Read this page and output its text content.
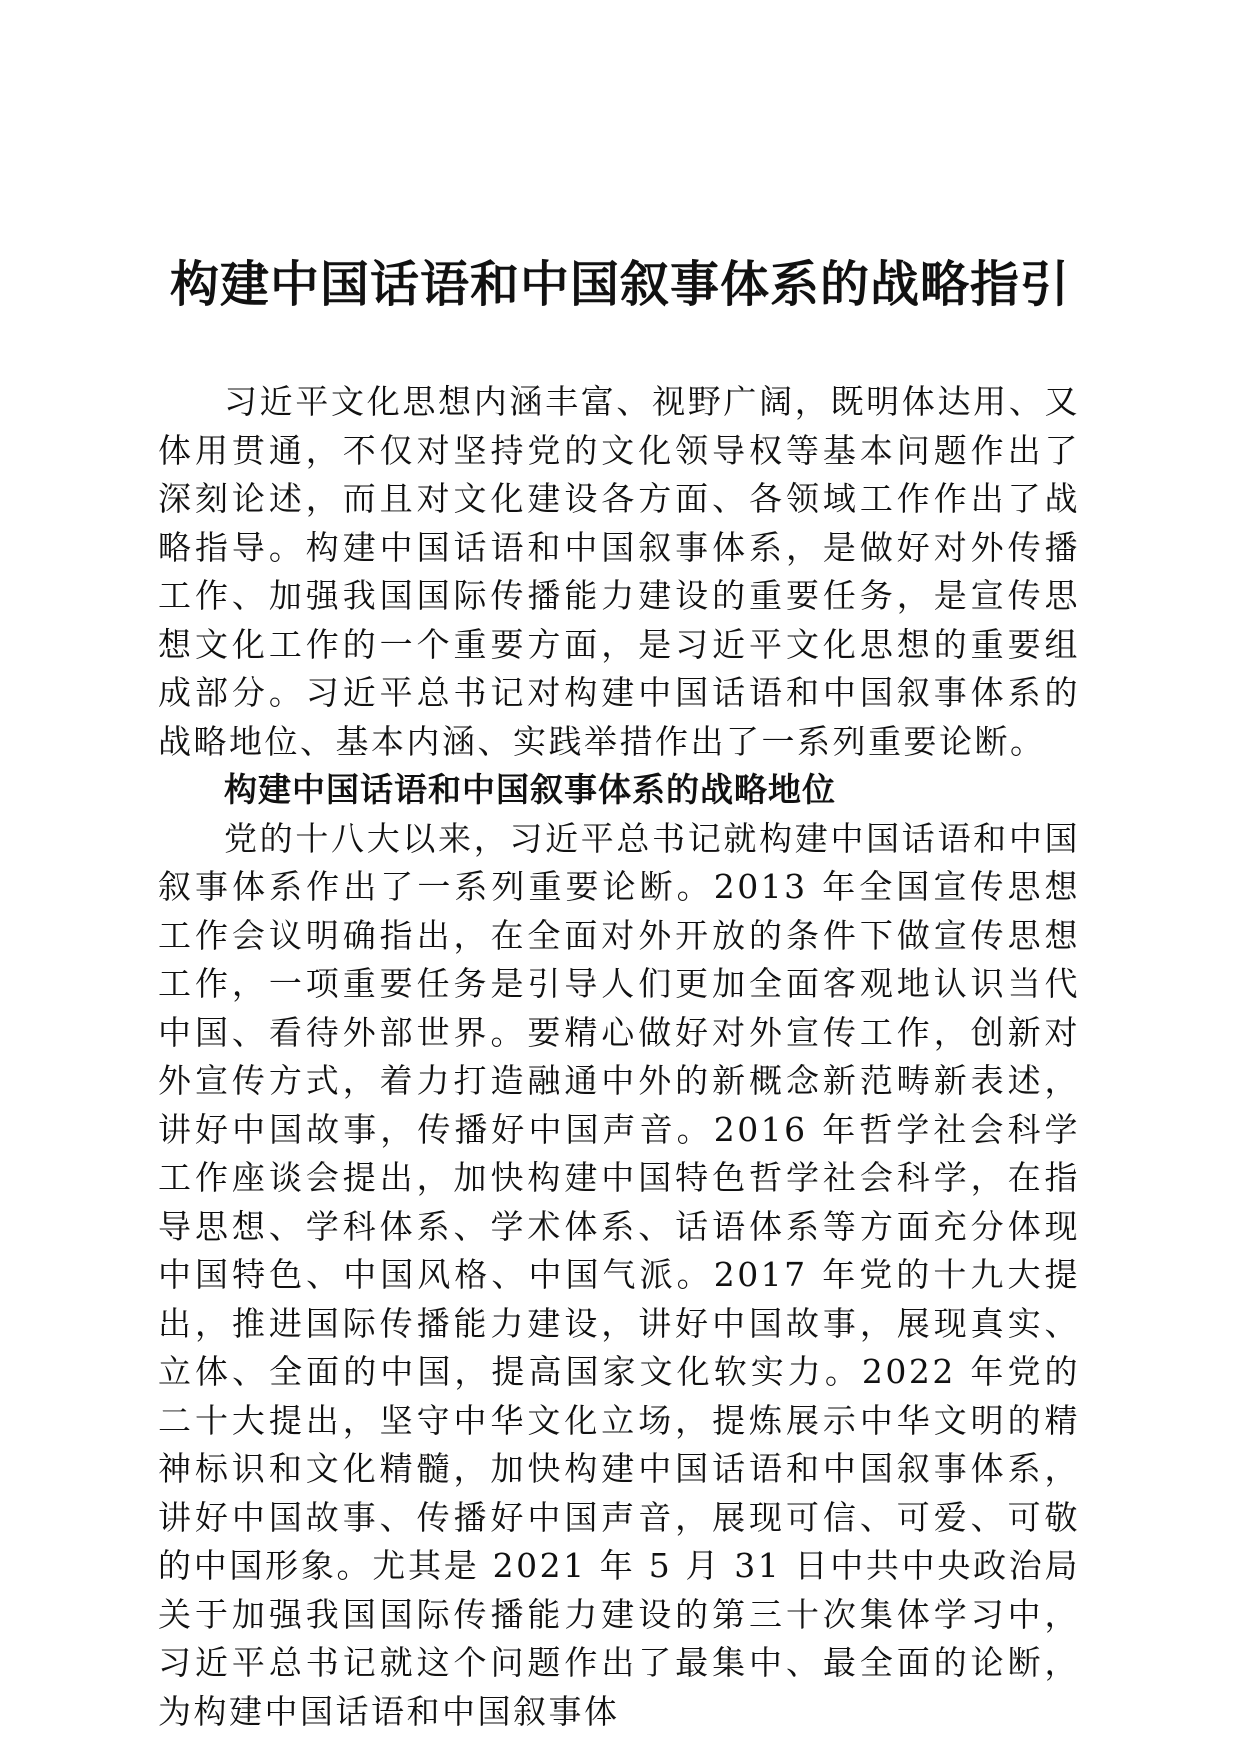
构建中国话语和中国叙事体系的战略指引

习近平文化思想内涵丰富、视野广阔，既明体达用、又体用贯通，不仅对坚持党的文化领导权等基本问题作出了深刻论述，而且对文化建设各方面、各领域工作作出了战略指导。构建中国话语和中国叙事体系，是做好对外传播工作、加强我国国际传播能力建设的重要任务，是宣传思想文化工作的一个重要方面，是习近平文化思想的重要组成部分。习近平总书记对构建中国话语和中国叙事体系的战略地位、基本内涵、实践举措作出了一系列重要论断。

构建中国话语和中国叙事体系的战略地位

党的十八大以来，习近平总书记就构建中国话语和中国叙事体系作出了一系列重要论断。2013 年全国宣传思想工作会议明确指出，在全面对外开放的条件下做宣传思想工作，一项重要任务是引导人们更加全面客观地认识当代中国、看待外部世界。要精心做好对外宣传工作，创新对外宣传方式，着力打造融通中外的新概念新范畴新表述，讲好中国故事，传播好中国声音。2016 年哲学社会科学工作座谈会提出，加快构建中国特色哲学社会科学，在指导思想、学科体系、学术体系、话语体系等方面充分体现中国特色、中国风格、中国气派。2017 年党的十九大提出，推进国际传播能力建设，讲好中国故事，展现真实、立体、全面的中国，提高国家文化软实力。2022 年党的二十大提出，坚守中华文化立场，提炼展示中华文明的精神标识和文化精髓，加快构建中国话语和中国叙事体系，讲好中国故事、传播好中国声音，展现可信、可爱、可敬的中国形象。尤其是 2021 年 5 月 31 日中共中央政治局关于加强我国国际传播能力建设的第三十次集体学习中，习近平总书记就这个问题作出了最集中、最全面的论断，为构建中国话语和中国叙事体
